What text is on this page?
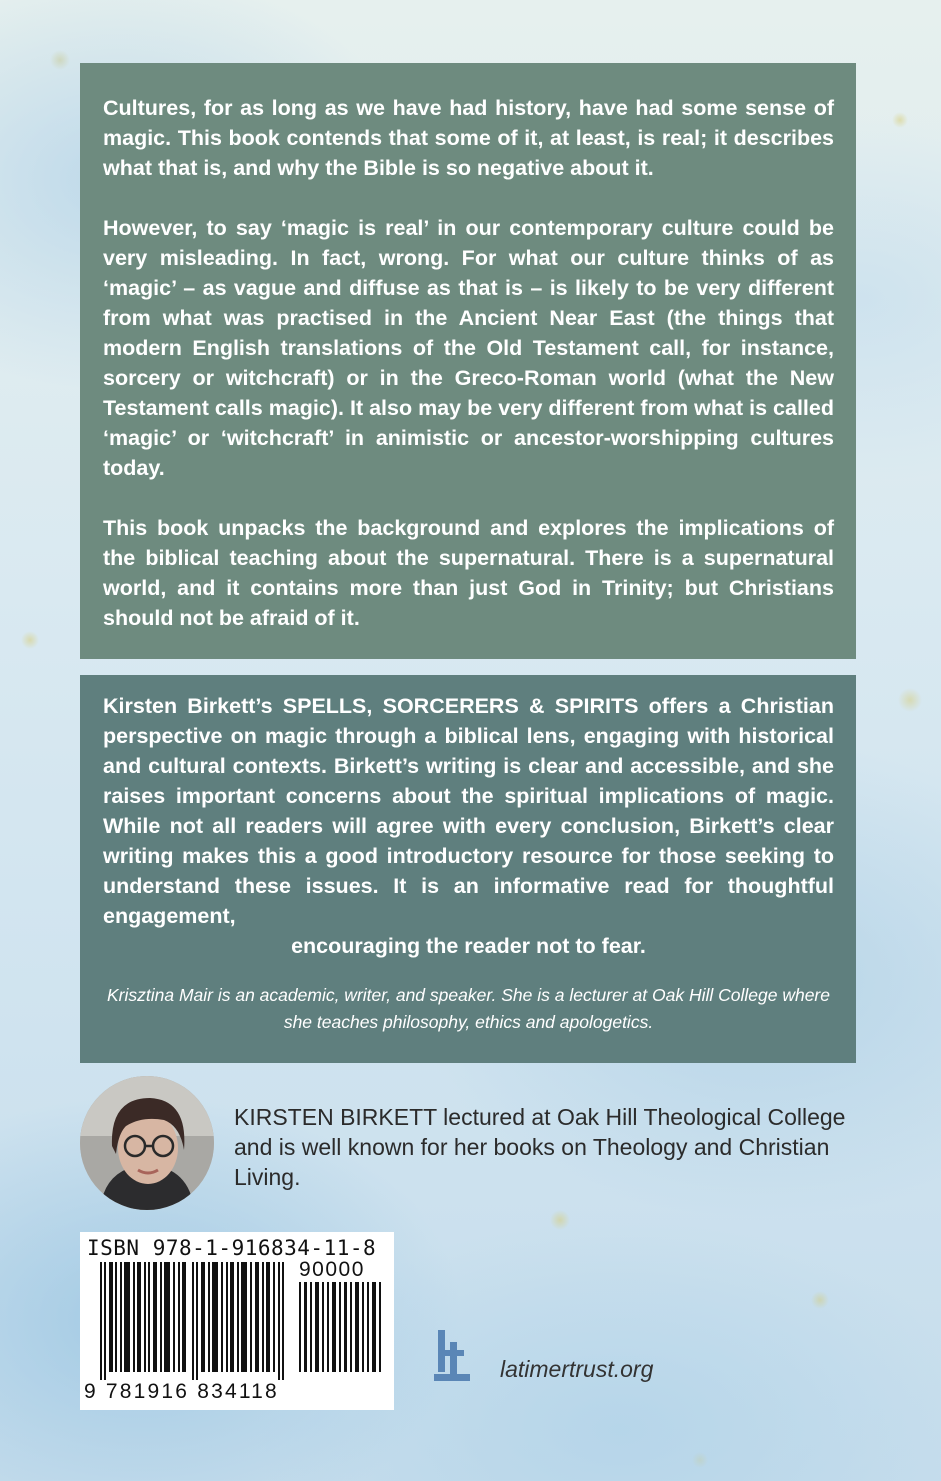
Cultures, for as long as we have had history, have had some sense of magic. This book contends that some of it, at least, is real; it describes what that is, and why the Bible is so negative about it.

However, to say ‘magic is real’ in our contemporary culture could be very misleading. In fact, wrong. For what our culture thinks of as ‘magic’ – as vague and diffuse as that is – is likely to be very different from what was practised in the Ancient Near East (the things that modern English translations of the Old Testament call, for instance, sorcery or witchcraft) or in the Greco-Roman world (what the New Testament calls magic). It also may be very different from what is called ‘magic’ or ‘witchcraft’ in animistic or ancestor-worshipping cultures today.

This book unpacks the background and explores the implications of the biblical teaching about the supernatural. There is a supernatural world, and it contains more than just God in Trinity; but Christians should not be afraid of it.

Kirsten Birkett’s SPELLS, SORCERERS & SPIRITS offers a Christian perspective on magic through a biblical lens, engaging with historical and cultural contexts. Birkett’s writing is clear and accessible, and she raises important concerns about the spiritual implications of magic. While not all readers will agree with every conclusion, Birkett’s clear writing makes this a good introductory resource for those seeking to understand these issues. It is an informative read for thoughtful engagement,

encouraging the reader not to fear.

Krisztina Mair is an academic, writer, and speaker. She is a lecturer at Oak Hill College where she teaches philosophy, ethics and apologetics.

KIRSTEN BIRKETT lectured at Oak Hill Theological College and is well known for her books on Theology and Christian Living.
ISBN 978-1-916834-11-8
90000
9 781916 834118
latimertrust.org
